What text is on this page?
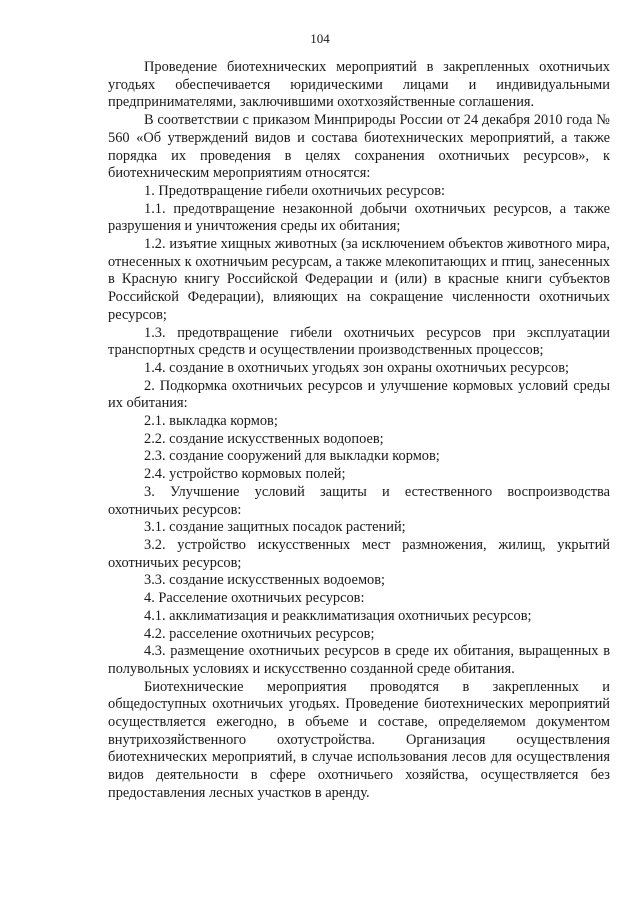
104

Проведение биотехнических мероприятий в закрепленных охотничьих угодьях обеспечивается юридическими лицами и индивидуальными предпринимателями, заключившими охотхозяйственные соглашения.

В соответствии с приказом Минприроды России от 24 декабря 2010 года № 560 «Об утверждений видов и состава биотехнических мероприятий, а также порядка их проведения в целях сохранения охотничьих ресурсов», к биотехническим мероприятиям относятся:

1. Предотвращение гибели охотничьих ресурсов:

1.1. предотвращение незаконной добычи охотничьих ресурсов, а также разрушения и уничтожения среды их обитания;

1.2. изъятие хищных животных (за исключением объектов животного мира, отнесенных к охотничьим ресурсам, а также млекопитающих и птиц, занесенных в Красную книгу Российской Федерации и (или) в красные книги субъектов Российской Федерации), влияющих на сокращение численности охотничьих ресурсов;

1.3. предотвращение гибели охотничьих ресурсов при эксплуатации транспортных средств и осуществлении производственных процессов;

1.4. создание в охотничьих угодьях зон охраны охотничьих ресурсов;

2. Подкормка охотничьих ресурсов и улучшение кормовых условий среды их обитания:

2.1. выкладка кормов;

2.2. создание искусственных водопоев;

2.3. создание сооружений для выкладки кормов;

2.4. устройство кормовых полей;

3. Улучшение условий защиты и естественного воспроизводства охотничьих ресурсов:

3.1. создание защитных посадок растений;

3.2. устройство искусственных мест размножения, жилищ, укрытий охотничьих ресурсов;

3.3. создание искусственных водоемов;

4. Расселение охотничьих ресурсов:

4.1. акклиматизация и реакклиматизация охотничьих ресурсов;

4.2. расселение охотничьих ресурсов;

4.3. размещение охотничьих ресурсов в среде их обитания, выращенных в полувольных условиях и искусственно созданной среде обитания.

Биотехнические мероприятия проводятся в закрепленных и общедоступных охотничьих угодьях. Проведение биотехнических мероприятий осуществляется ежегодно, в объеме и составе, определяемом документом внутрихозяйственного охотустройства. Организация осуществления биотехнических мероприятий, в случае использования лесов для осуществления видов деятельности в сфере охотничьего хозяйства, осуществляется без предоставления лесных участков в аренду.
